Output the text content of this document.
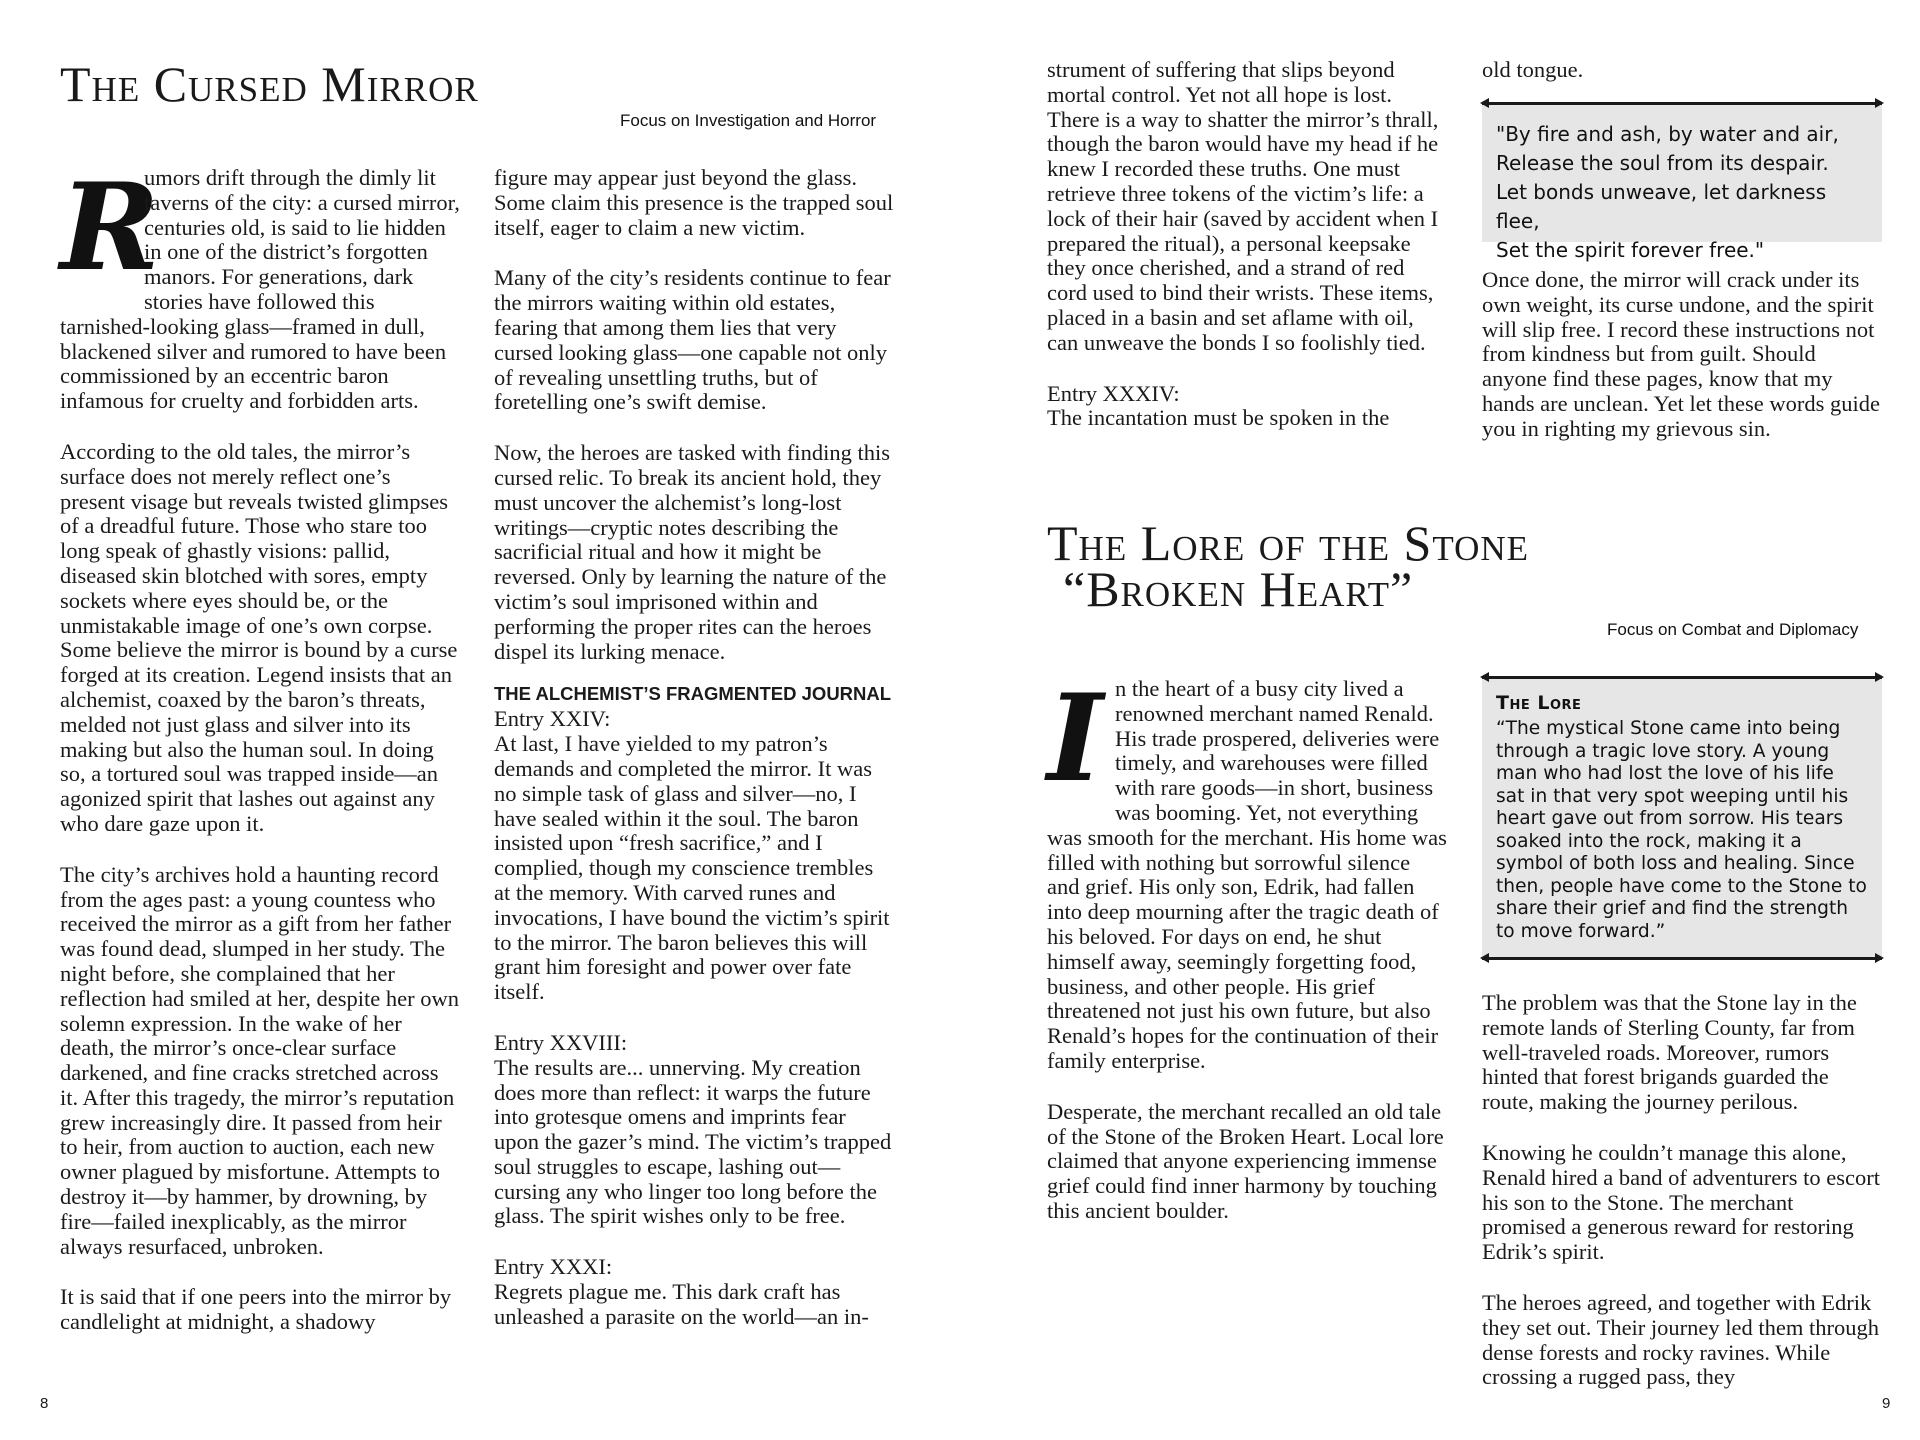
The Cursed Mirror
Focus on Investigation and Horror
R

umors drift through the dimly lit taverns of the city: a cursed mirror, centuries old, is said to lie hidden in one of the district’s forgotten manors. For generations, dark stories have followed this tarnished-looking glass—framed in dull, blackened silver and rumored to have been commissioned by an eccentric baron infamous for cruelty and forbidden arts.

According to the old tales, the mirror’s surface does not merely reflect one’s present visage but reveals twisted glimpses of a dreadful future. Those who stare too long speak of ghastly visions: pallid, diseased skin blotched with sores, empty sockets where eyes should be, or the unmistakable image of one’s own corpse. Some believe the mirror is bound by a curse forged at its creation. Legend insists that an alchemist, coaxed by the baron’s threats, melded not just glass and silver into its making but also the human soul. In doing so, a tortured soul was trapped inside—an agonized spirit that lashes out against any who dare gaze upon it.

The city’s archives hold a haunting record from the ages past: a young countess who received the mirror as a gift from her father was found dead, slumped in her study. The night before, she complained that her reflection had smiled at her, despite her own solemn expression. In the wake of her death, the mirror’s once-clear surface darkened, and fine cracks stretched across it. After this tragedy, the mirror’s reputation grew increasingly dire. It passed from heir to heir, from auction to auction, each new owner plagued by misfortune. Attempts to destroy it—by hammer, by drowning, by fire—failed inexplicably, as the mirror always resurfaced, unbroken.

It is said that if one peers into the mirror by candlelight at midnight, a shadowy

figure may appear just beyond the glass. Some claim this presence is the trapped soul itself, eager to claim a new victim.

Many of the city’s residents continue to fear the mirrors waiting within old estates, fearing that among them lies that very cursed looking glass—one capable not only of revealing unsettling truths, but of foretelling one’s swift demise.

Now, the heroes are tasked with finding this cursed relic. To break its ancient hold, they must uncover the alchemist’s long-lost writings—cryptic notes describing the sacrificial ritual and how it might be reversed. Only by learning the nature of the victim’s soul imprisoned within and performing the proper rites can the heroes dispel its lurking menace.

THE ALCHEMIST’S FRAGMENTED JOURNAL

Entry XXIV:
At last, I have yielded to my patron’s demands and completed the mirror. It was no simple task of glass and silver—no, I have sealed within it the soul. The baron insisted upon “fresh sacrifice,” and I complied, though my conscience trembles at the memory. With carved runes and invocations, I have bound the victim’s spirit to the mirror. The baron believes this will grant him foresight and power over fate itself.

Entry XXVIII:
The results are... unnerving. My creation does more than reflect: it warps the future into grotesque omens and imprints fear upon the gazer’s mind. The victim’s trapped soul struggles to escape, lashing out—cursing any who linger too long before the glass. The spirit wishes only to be free.

Entry XXXI:
Regrets plague me. This dark craft has unleashed a parasite on the world—an in-

8

strument of suffering that slips beyond mortal control. Yet not all hope is lost. There is a way to shatter the mirror’s thrall, though the baron would have my head if he knew I recorded these truths. One must retrieve three tokens of the victim’s life: a lock of their hair (saved by accident when I prepared the ritual), a personal keepsake they once cherished, and a strand of red cord used to bind their wrists. These items, placed in a basin and set aflame with oil, can unweave the bonds I so foolishly tied.

Entry XXXIV:
The incantation must be spoken in the

old tongue.

"By fire and ash, by water and air,
Release the soul from its despair.
Let bonds unweave, let darkness flee,
Set the spirit forever free."

Once done, the mirror will crack under its own weight, its curse undone, and the spirit will slip free. I record these instructions not from kindness but from guilt. Should anyone find these pages, know that my hands are unclean. Yet let these words guide you in righting my grievous sin.

The Lore of the Stone
“Broken Heart”
Focus on Combat and Diplomacy
I n the heart of a busy city lived a renowned merchant named Renald. His trade prospered, deliveries were timely, and warehouses were filled with rare goods—in short, business was booming. Yet, not everything was smooth for the merchant. His home was filled with nothing but sorrowful silence and grief. His only son, Edrik, had fallen into deep mourning after the tragic death of his beloved. For days on end, he shut himself away, seemingly forgetting food, business, and other people. His grief threatened not just his own future, but also Renald’s hopes for the continuation of their family enterprise.

Desperate, the merchant recalled an old tale of the Stone of the Broken Heart. Local lore claimed that anyone experiencing immense grief could find inner harmony by touching this ancient boulder.

The Lore
“The mystical Stone came into being through a tragic love story. A young man who had lost the love of his life sat in that very spot weeping until his heart gave out from sorrow. His tears soaked into the rock, making it a symbol of both loss and healing. Since then, people have come to the Stone to share their grief and find the strength to move forward.”

The problem was that the Stone lay in the remote lands of Sterling County, far from well-traveled roads. Moreover, rumors hinted that forest brigands guarded the route, making the journey perilous.

Knowing he couldn’t manage this alone, Renald hired a band of adventurers to escort his son to the Stone. The merchant promised a generous reward for restoring Edrik’s spirit.

The heroes agreed, and together with Edrik they set out. Their journey led them through dense forests and rocky ravines. While crossing a rugged pass, they

9
